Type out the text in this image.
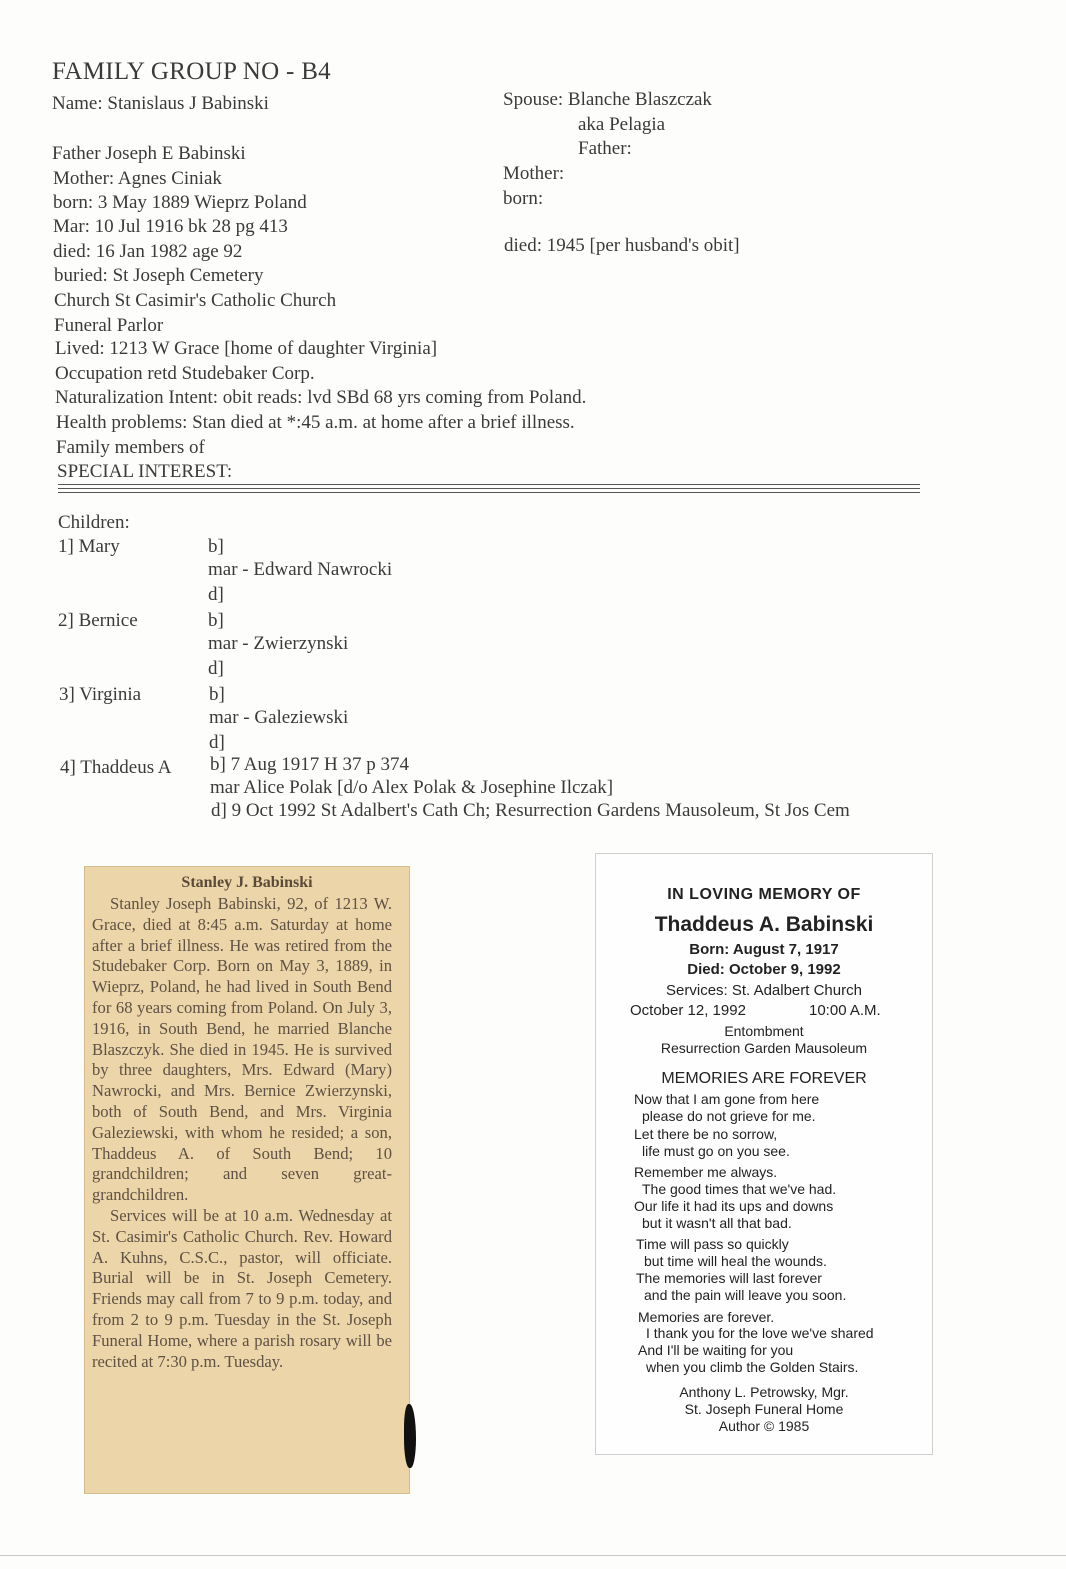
FAMILY GROUP NO - B4
Name: Stanislaus J Babinski
Father Joseph E Babinski
Mother: Agnes Ciniak
born: 3 May 1889 Wieprz Poland
Mar: 10 Jul 1916 bk 28 pg 413
died: 16 Jan 1982 age 92
buried: St Joseph Cemetery
Church St Casimir's Catholic Church
Funeral Parlor
Lived: 1213 W Grace [home of daughter Virginia]
Occupation retd Studebaker Corp.
Naturalization Intent: obit reads: lvd SBd 68 yrs coming from Poland.
Health problems: Stan died at *:45 a.m. at home after a brief illness.
Family members of
SPECIAL INTEREST:
Spouse: Blanche Blaszczak
aka Pelagia
Father:
Mother:
born:
died: 1945 [per husband's obit]
Children:
1] Mary	b]
mar - Edward Nawrocki
d]
2] Bernice	b]
mar - Zwierzynski
d]
3] Virginia	b]
mar - Galeziewski
d]
4] Thaddeus A b] 7 Aug 1917 H 37 p 374
mar Alice Polak [d/o Alex Polak & Josephine Ilczak]
d] 9 Oct 1992 St Adalbert's Cath Ch; Resurrection Gardens Mausoleum, St Jos Cem
Stanley J. Babinski

Stanley Joseph Babinski, 92, of 1213 W. Grace, died at 8:45 a.m. Saturday at home after a brief illness. He was retired from the Studebaker Corp. Born on May 3, 1889, in Wieprz, Poland, he had lived in South Bend for 68 years coming from Poland. On July 3, 1916, in South Bend, he married Blanche Blaszczyk. She died in 1945. He is survived by three daughters, Mrs. Edward (Mary) Nawrocki, and Mrs. Bernice Zwierzynski, both of South Bend, and Mrs. Virginia Galeziewski, with whom he resided; a son, Thaddeus A. of South Bend; 10 grandchildren; and seven great-grandchildren.

Services will be at 10 a.m. Wednesday at St. Casimir's Catholic Church. Rev. Howard A. Kuhns, C.S.C., pastor, will officiate. Burial will be in St. Joseph Cemetery. Friends may call from 7 to 9 p.m. today, and from 2 to 9 p.m. Tuesday in the St. Joseph Funeral Home, where a parish rosary will be recited at 7:30 p.m. Tuesday.

IN LOVING MEMORY OF
Thaddeus A. Babinski
Born: August 7, 1917
Died: October 9, 1992
Services: St. Adalbert Church
October 12, 1992	10:00 A.M.
Entombment
Resurrection Garden Mausoleum
MEMORIES ARE FOREVER
Now that I am gone from here
please do not grieve for me.
Let there be no sorrow,
life must go on you see.
Remember me always.
The good times that we've had.
Our life it had its ups and downs
but it wasn't all that bad.
Time will pass so quickly
but time will heal the wounds.
The memories will last forever
and the pain will leave you soon.
Memories are forever.
I thank you for the love we've shared
And I'll be waiting for you
when you climb the Golden Stairs.
Anthony L. Petrowsky, Mgr.
St. Joseph Funeral Home
Author © 1985
